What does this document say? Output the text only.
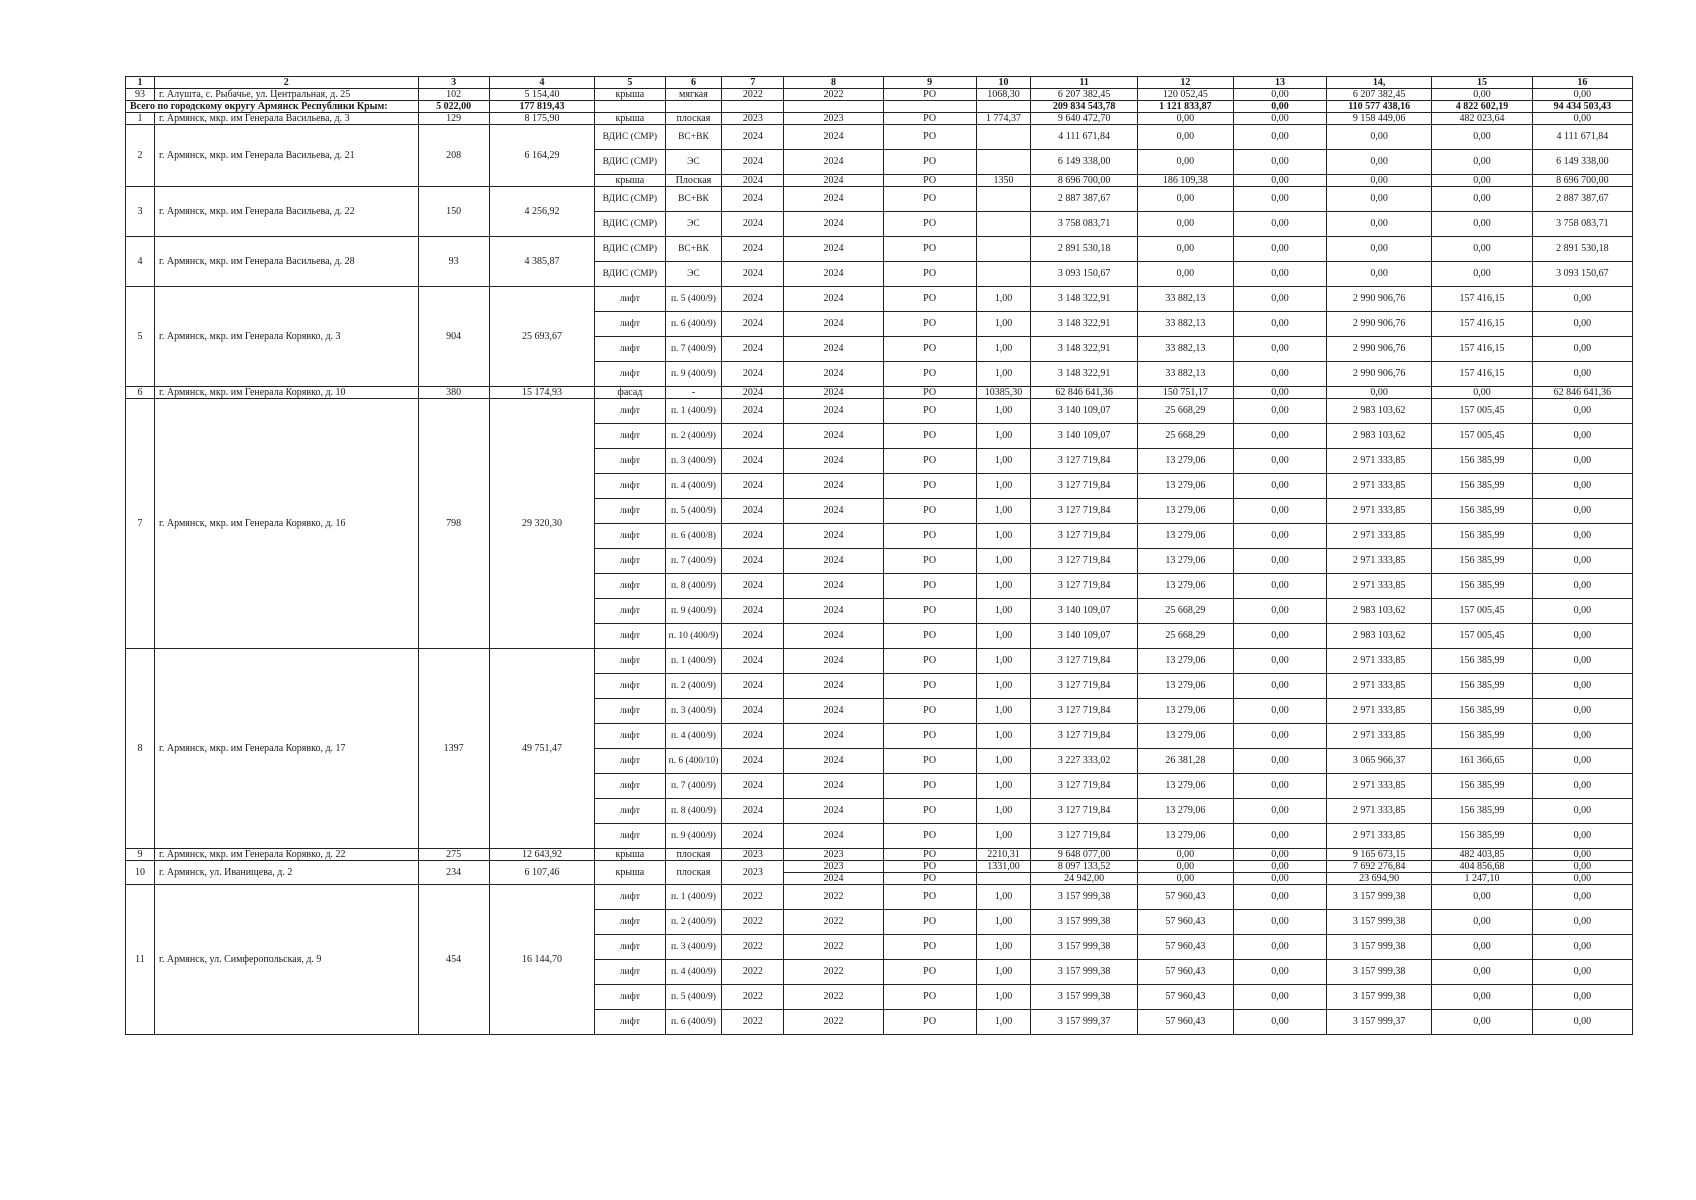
1	2	3	4	5	6	7	8	9	10	11	12	13	14,	15	16
93	г. Алушта, с. Рыбачье, ул. Центральная, д. 25	102	5 154,40	крыша	мягкая	2022	2022	РО	1068,30	6 207 382,45	120 052,45	0,00	6 207 382,45	0,00	0,00
Всего по городскому округу Армянск Республики Крым:		5 022,00	177 819,43							209 834 543,78	1 121 833,87	0,00	110 577 438,16	4 822 602,19	94 434 503,43
1	г. Армянск, мкр. им Генерала Васильева, д. 3	129	8 175,90	крыша	плоская	2023	2023	РО	1 774,37	9 640 472,70	0,00	0,00	9 158 449,06	482 023,64	0,00
2	г. Армянск, мкр. им Генерала Васильева, д. 21	208	6 164,29	ВДИС (СМР)	ВС+ВК	2024	2024	РО		4 111 671,84	0,00	0,00	0,00	0,00	4 111 671,84
				ВДИС (СМР)	ЭС	2024	2024	РО		6 149 338,00	0,00	0,00	0,00	0,00	6 149 338,00
				крыша	Плоская	2024	2024	РО	1350	8 696 700,00	186 109,38	0,00	0,00	0,00	8 696 700,00
3	г. Армянск, мкр. им Генерала Васильева, д. 22	150	4 256,92	ВДИС (СМР)	ВС+ВК	2024	2024	РО		2 887 387,67	0,00	0,00	0,00	0,00	2 887 387,67
				ВДИС (СМР)	ЭС	2024	2024	РО		3 758 083,71	0,00	0,00	0,00	0,00	3 758 083,71
4	г. Армянск, мкр. им Генерала Васильева, д. 28	93	4 385,87	ВДИС (СМР)	ВС+ВК	2024	2024	РО		2 891 530,18	0,00	0,00	0,00	0,00	2 891 530,18
				ВДИС (СМР)	ЭС	2024	2024	РО		3 093 150,67	0,00	0,00	0,00	0,00	3 093 150,67
5	г. Армянск, мкр. им Генерала Корявко, д. 3	904	25 693,67	лифт	п. 5 (400/9)	2024	2024	РО	1,00	3 148 322,91	33 882,13	0,00	2 990 906,76	157 416,15	0,00
				лифт	п. 6 (400/9)	2024	2024	РО	1,00	3 148 322,91	33 882,13	0,00	2 990 906,76	157 416,15	0,00
				лифт	п. 7 (400/9)	2024	2024	РО	1,00	3 148 322,91	33 882,13	0,00	2 990 906,76	157 416,15	0,00
				лифт	п. 9 (400/9)	2024	2024	РО	1,00	3 148 322,91	33 882,13	0,00	2 990 906,76	157 416,15	0,00
6	г. Армянск, мкр. им Генерала Корявко, д. 10	380	15 174,93	фасад	-	2024	2024	РО	10385,30	62 846 641,36	150 751,17	0,00	0,00	0,00	62 846 641,36
7	г. Армянск, мкр. им Генерала Корявко, д. 16	798	29 320,30	лифт	п. 1 (400/9)	2024	2024	РО	1,00	3 140 109,07	25 668,29	0,00	2 983 103,62	157 005,45	0,00
				лифт	п. 2 (400/9)	2024	2024	РО	1,00	3 140 109,07	25 668,29	0,00	2 983 103,62	157 005,45	0,00
				лифт	п. 3 (400/9)	2024	2024	РО	1,00	3 127 719,84	13 279,06	0,00	2 971 333,85	156 385,99	0,00
				лифт	п. 4 (400/9)	2024	2024	РО	1,00	3 127 719,84	13 279,06	0,00	2 971 333,85	156 385,99	0,00
				лифт	п. 5 (400/9)	2024	2024	РО	1,00	3 127 719,84	13 279,06	0,00	2 971 333,85	156 385,99	0,00
				лифт	п. 6 (400/8)	2024	2024	РО	1,00	3 127 719,84	13 279,06	0,00	2 971 333,85	156 385,99	0,00
				лифт	п. 7 (400/9)	2024	2024	РО	1,00	3 127 719,84	13 279,06	0,00	2 971 333,85	156 385,99	0,00
				лифт	п. 8 (400/9)	2024	2024	РО	1,00	3 127 719,84	13 279,06	0,00	2 971 333,85	156 385,99	0,00
				лифт	п. 9 (400/9)	2024	2024	РО	1,00	3 140 109,07	25 668,29	0,00	2 983 103,62	157 005,45	0,00
				лифт	п. 10 (400/9)	2024	2024	РО	1,00	3 140 109,07	25 668,29	0,00	2 983 103,62	157 005,45	0,00
8	г. Армянск, мкр. им Генерала Корявко, д. 17	1397	49 751,47	лифт	п. 1 (400/9)	2024	2024	РО	1,00	3 127 719,84	13 279,06	0,00	2 971 333,85	156 385,99	0,00
				лифт	п. 2 (400/9)	2024	2024	РО	1,00	3 127 719,84	13 279,06	0,00	2 971 333,85	156 385,99	0,00
				лифт	п. 3 (400/9)	2024	2024	РО	1,00	3 127 719,84	13 279,06	0,00	2 971 333,85	156 385,99	0,00
				лифт	п. 4 (400/9)	2024	2024	РО	1,00	3 127 719,84	13 279,06	0,00	2 971 333,85	156 385,99	0,00
				лифт	п. 6 (400/10)	2024	2024	РО	1,00	3 227 333,02	26 381,28	0,00	3 065 966,37	161 366,65	0,00
				лифт	п. 7 (400/9)	2024	2024	РО	1,00	3 127 719,84	13 279,06	0,00	2 971 333,85	156 385,99	0,00
				лифт	п. 8 (400/9)	2024	2024	РО	1,00	3 127 719,84	13 279,06	0,00	2 971 333,85	156 385,99	0,00
				лифт	п. 9 (400/9)	2024	2024	РО	1,00	3 127 719,84	13 279,06	0,00	2 971 333,85	156 385,99	0,00
9	г. Армянск, мкр. им Генерала Корявко, д. 22	275	12 643,92	крыша	плоская	2023	2023	РО	2210,31	9 648 077,00	0,00	0,00	9 165 673,15	482 403,85	0,00
10	г. Армянск, ул. Иванищева, д. 2	234	6 107,46	крыша	плоская	2023	2023	РО	1331,00	8 097 133,52	0,00	0,00	7 692 276,84	404 856,68	0,00
							2024	РО		24 942,00	0,00	0,00	23 694,90	1 247,10	0,00
11	г. Армянск, ул. Симферопольская, д. 9	454	16 144,70	лифт	п. 1 (400/9)	2022	2022	РО	1,00	3 157 999,38	57 960,43	0,00	3 157 999,38	0,00	0,00
				лифт	п. 2 (400/9)	2022	2022	РО	1,00	3 157 999,38	57 960,43	0,00	3 157 999,38	0,00	0,00
				лифт	п. 3 (400/9)	2022	2022	РО	1,00	3 157 999,38	57 960,43	0,00	3 157 999,38	0,00	0,00
				лифт	п. 4 (400/9)	2022	2022	РО	1,00	3 157 999,38	57 960,43	0,00	3 157 999,38	0,00	0,00
				лифт	п. 5 (400/9)	2022	2022	РО	1,00	3 157 999,38	57 960,43	0,00	3 157 999,38	0,00	0,00
				лифт	п. 6 (400/9)	2022	2022	РО	1,00	3 157 999,37	57 960,43	0,00	3 157 999,37	0,00	0,00
